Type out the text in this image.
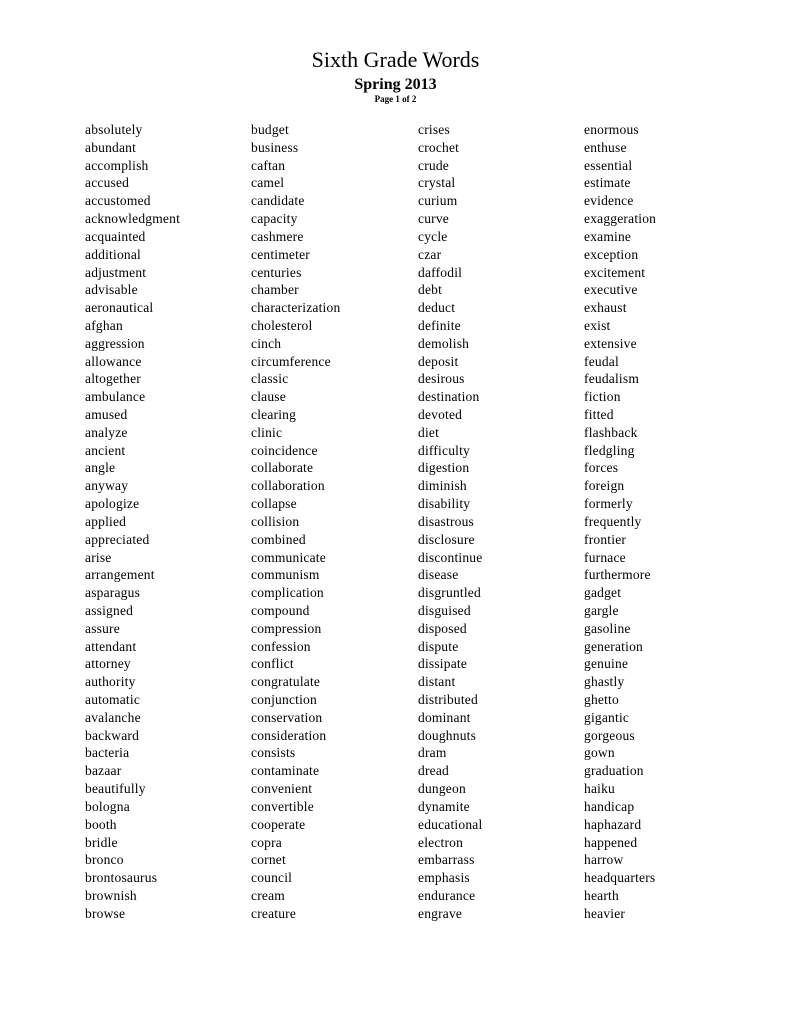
Sixth Grade Words
Spring 2013
Page 1 of 2
absolutely
abundant
accomplish
accused
accustomed
acknowledgment
acquainted
additional
adjustment
advisable
aeronautical
afghan
aggression
allowance
altogether
ambulance
amused
analyze
ancient
angle
anyway
apologize
applied
appreciated
arise
arrangement
asparagus
assigned
assure
attendant
attorney
authority
automatic
avalanche
backward
bacteria
bazaar
beautifully
bologna
booth
bridle
bronco
brontosaurus
brownish
browse
budget
business
caftan
camel
candidate
capacity
cashmere
centimeter
centuries
chamber
characterization
cholesterol
cinch
circumference
classic
clause
clearing
clinic
coincidence
collaborate
collaboration
collapse
collision
combined
communicate
communism
complication
compound
compression
confession
conflict
congratulate
conjunction
conservation
consideration
consists
contaminate
convenient
convertible
cooperate
copra
cornet
council
cream
creature
crises
crochet
crude
crystal
curium
curve
cycle
czar
daffodil
debt
deduct
definite
demolish
deposit
desirous
destination
devoted
diet
difficulty
digestion
diminish
disability
disastrous
disclosure
discontinue
disease
disgruntled
disguised
disposed
dispute
dissipate
distant
distributed
dominant
doughnuts
dram
dread
dungeon
dynamite
educational
electron
embarrass
emphasis
endurance
engrave
enormous
enthuse
essential
estimate
evidence
exaggeration
examine
exception
excitement
executive
exhaust
exist
extensive
feudal
feudalism
fiction
fitted
flashback
fledgling
forces
foreign
formerly
frequently
frontier
furnace
furthermore
gadget
gargle
gasoline
generation
genuine
ghastly
ghetto
gigantic
gorgeous
gown
graduation
haiku
handicap
haphazard
happened
harrow
headquarters
hearth
heavier
